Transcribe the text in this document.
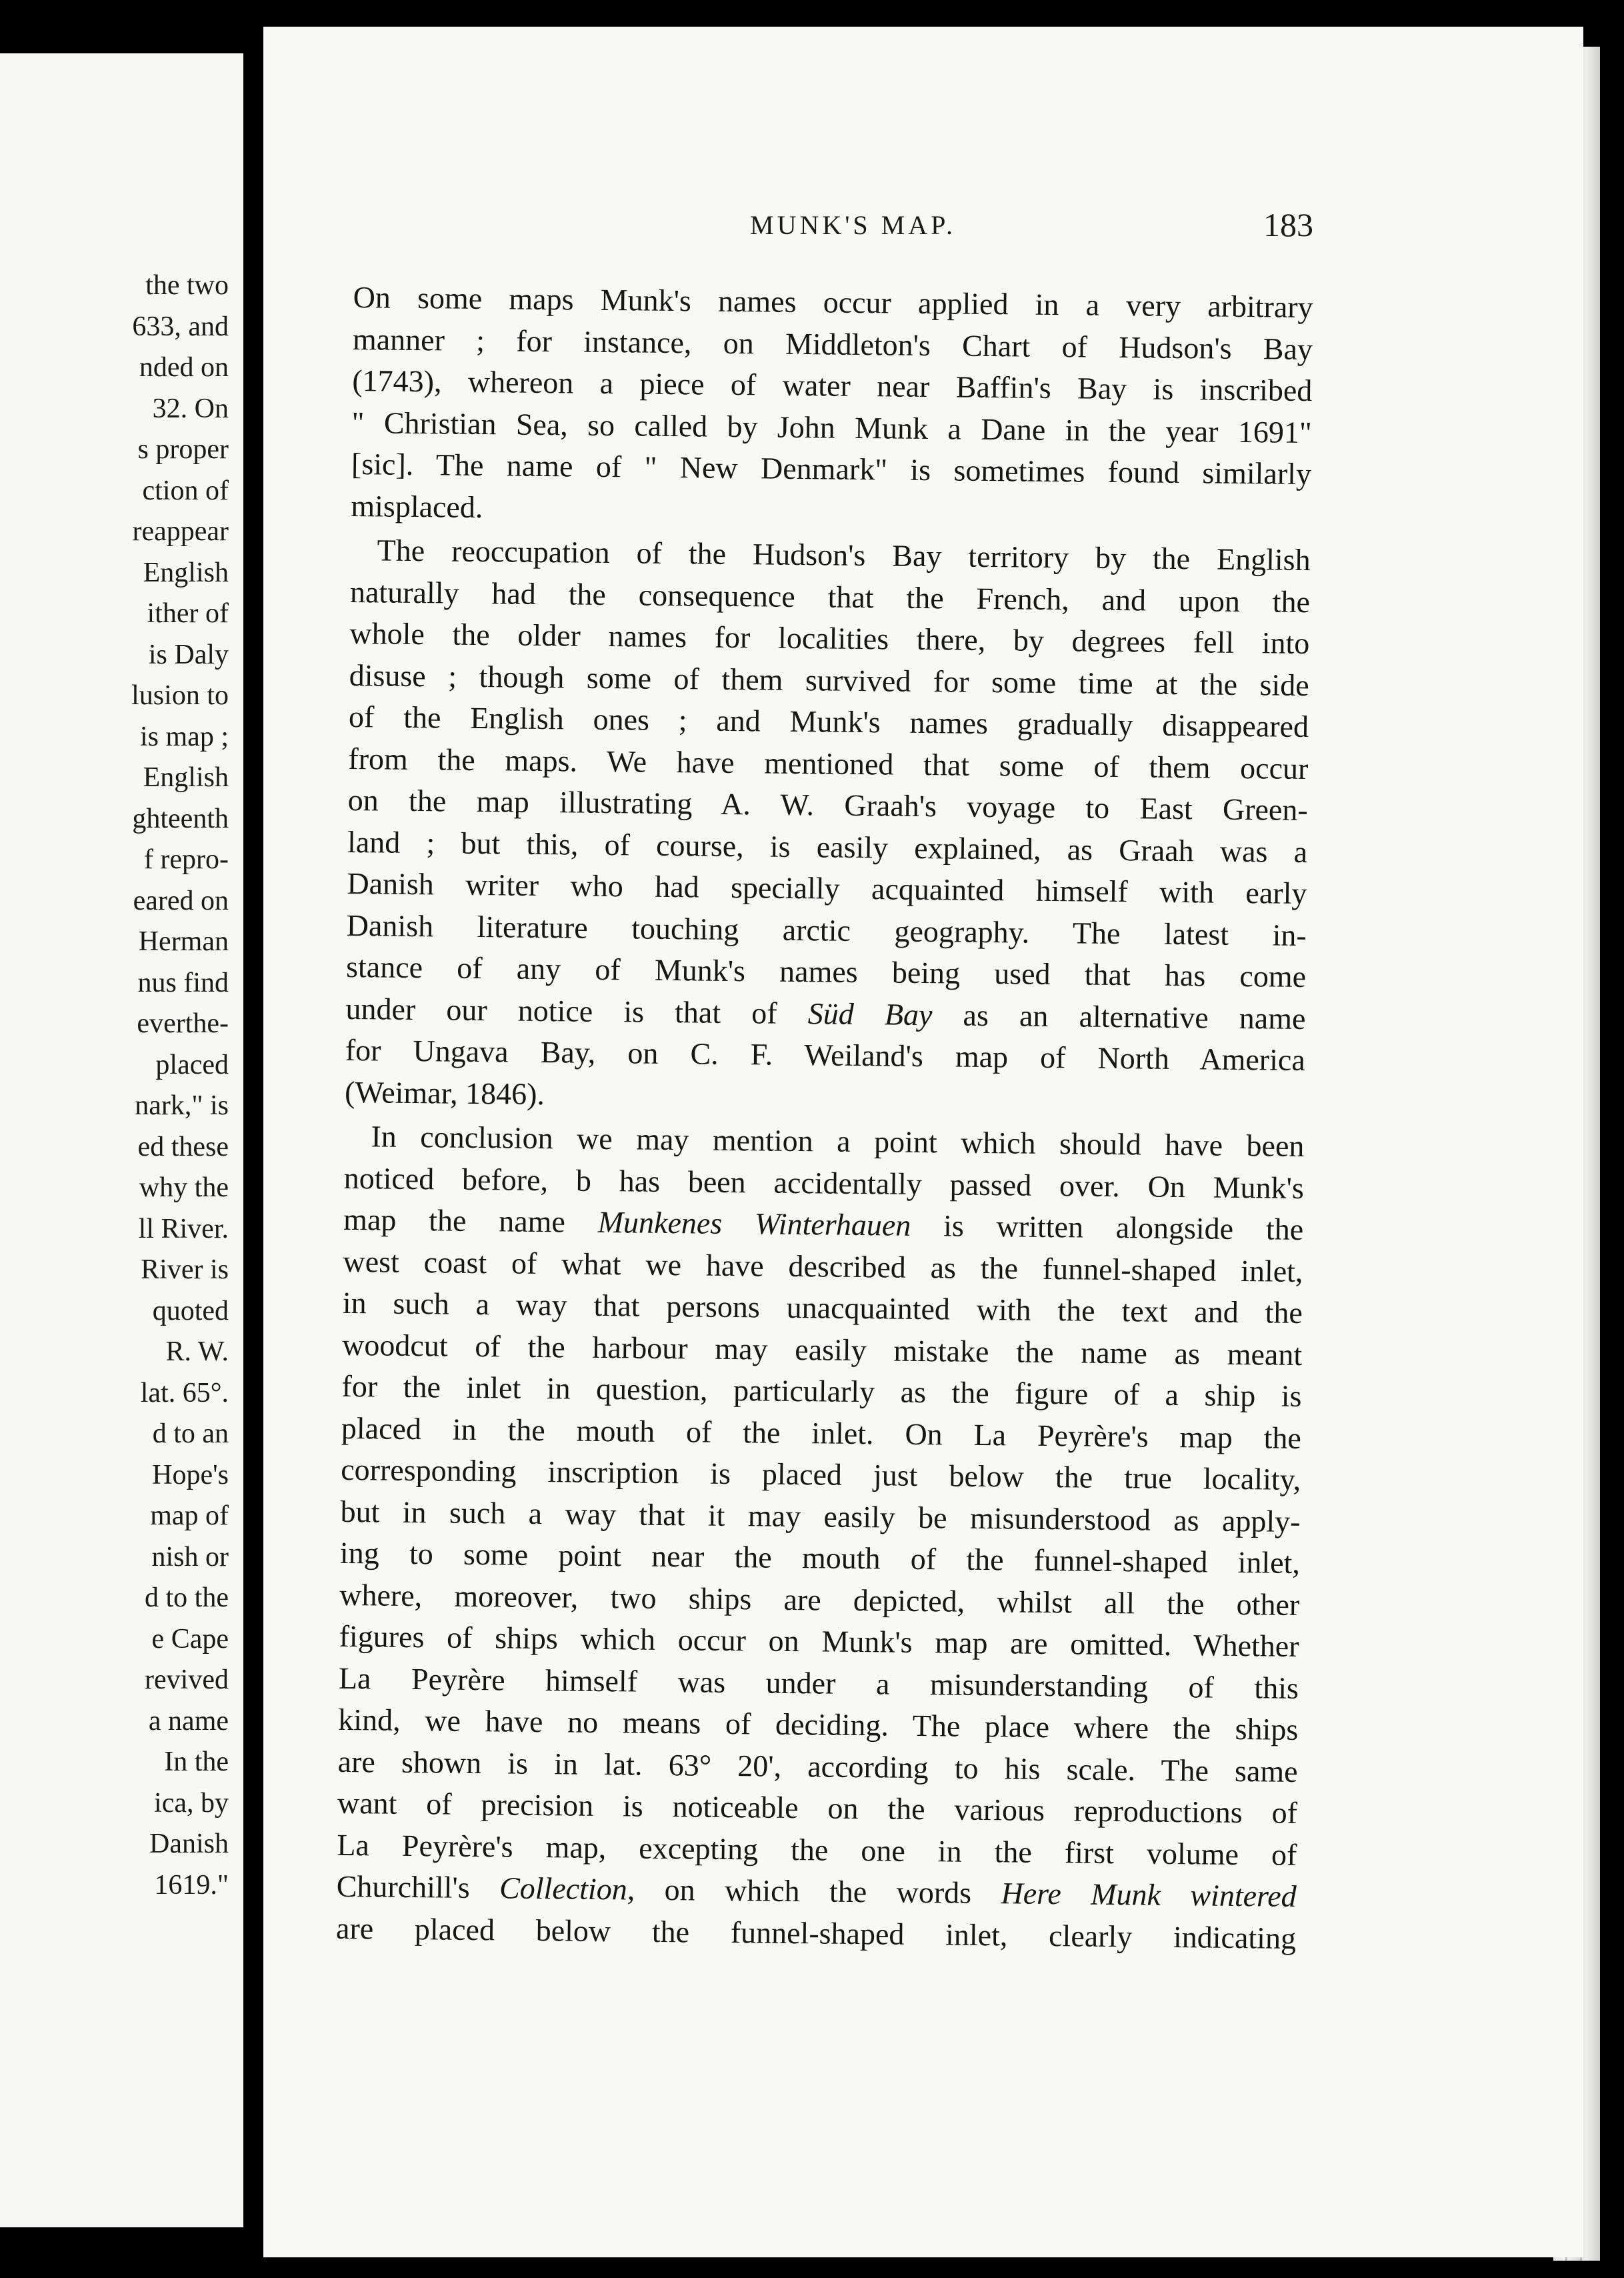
the two
633, and
nded on
32. On
s proper
ction of
reappear
English
ither of
is Daly
lusion to
is map ;
English
ghteenth
f repro-
eared on
Herman
nus find
everthe-
placed
nark," is
ed these
why the
ll River.
River is
quoted
R. W.
lat. 65°.
d to an
Hope's
map of
nish or
d to the
e Cape
revived
a name
In the
ica, by
Danish
1619."
MUNK'S MAP.	183
On some maps Munk's names occur applied in a very arbitrary
manner ; for instance, on Middleton's Chart of Hudson's Bay
(1743), whereon a piece of water near Baffin's Bay is inscribed
" Christian Sea, so called by John Munk a Dane in the year 1691"
[sic]. The name of " New Denmark" is sometimes found similarly
misplaced.
The reoccupation of the Hudson's Bay territory by the English
naturally had the consequence that the French, and upon the
whole the older names for localities there, by degrees fell into
disuse ; though some of them survived for some time at the side
of the English ones ; and Munk's names gradually disappeared
from the maps. We have mentioned that some of them occur
on the map illustrating A. W. Graah's voyage to East Green-
land ; but this, of course, is easily explained, as Graah was a
Danish writer who had specially acquainted himself with early
Danish literature touching arctic geography. The latest in-
stance of any of Munk's names being used that has come
under our notice is that of Süd Bay as an alternative name
for Ungava Bay, on C. F. Weiland's map of North America
(Weimar, 1846).
In conclusion we may mention a point which should have been
noticed before, b has been accidentally passed over. On Munk's
map the name Munkenes Winterhauen is written alongside the
west coast of what we have described as the funnel-shaped inlet,
in such a way that persons unacquainted with the text and the
woodcut of the harbour may easily mistake the name as meant
for the inlet in question, particularly as the figure of a ship is
placed in the mouth of the inlet. On La Peyrère's map the
corresponding inscription is placed just below the true locality,
but in such a way that it may easily be misunderstood as apply-
ing to some point near the mouth of the funnel-shaped inlet,
where, moreover, two ships are depicted, whilst all the other
figures of ships which occur on Munk's map are omitted. Whether
La Peyrère himself was under a misunderstanding of this
kind, we have no means of deciding. The place where the ships
are shown is in lat. 63° 20', according to his scale. The same
want of precision is noticeable on the various reproductions of
La Peyrère's map, excepting the one in the first volume of
Churchill's Collection, on which the words Here Munk wintered
are placed below the funnel-shaped inlet, clearly indicating
